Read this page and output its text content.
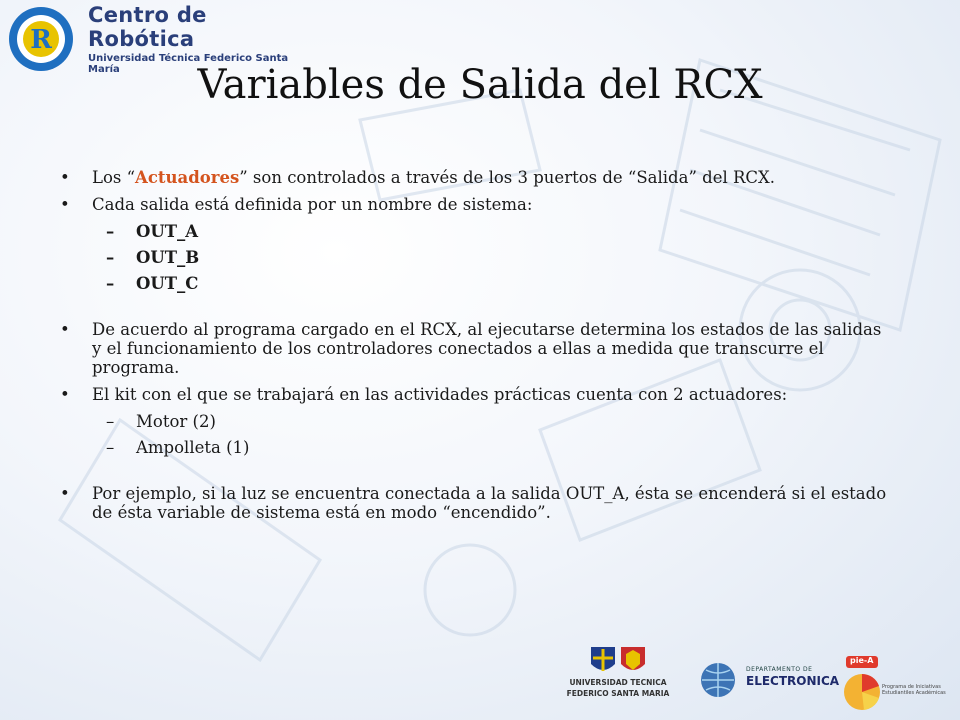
R
Centro de Robótica
Universidad Técnica Federico Santa María	Variables de Salida del RCX
• Los “Actuadores” son controlados a través de los 3 puertos de “Salida” del RCX.
• Cada salida está definida por un nombre de sistema:
– OUT_A
– OUT_B
– OUT_C
• De acuerdo al programa cargado en el RCX, al ejecutarse determina los estados de las salidas y el funcionamiento de los controladores conectados a ellas a medida que transcurre el programa.
• El kit con el que se trabajará en las actividades prácticas cuenta con 2 actuadores:
– Motor (2)
– Ampolleta (1)
• Por ejemplo, si la luz se encuentra conectada a la salida OUT_A, ésta se encenderá si el estado de ésta variable de sistema está en modo “encendido”.
UNIVERSIDAD TECNICA
FEDERICO SANTA MARIA
DEPARTAMENTO DE
ELECTRONICA
pie-A
Programa de Iniciativas Estudiantiles Académicas
